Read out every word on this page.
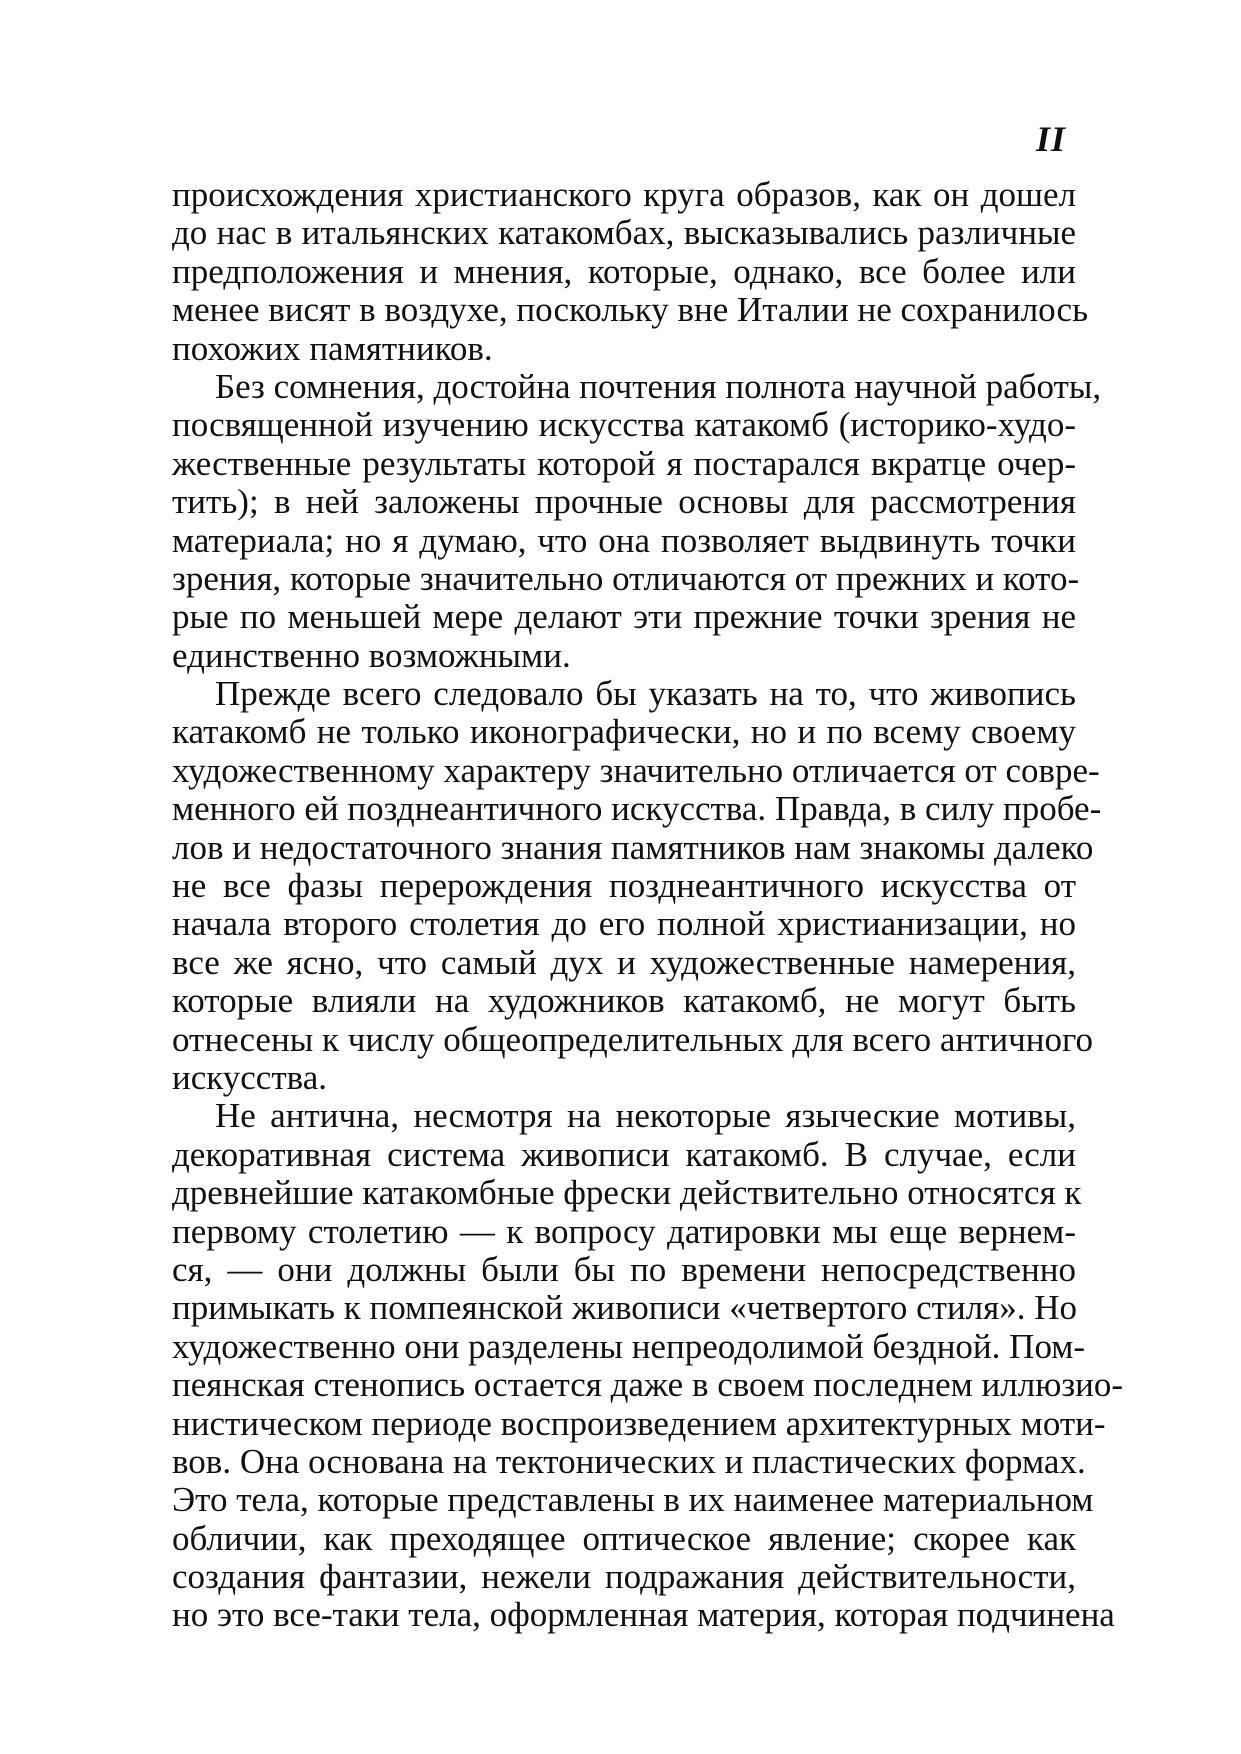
II
происхождения христианского круга образов, как он дошел
до нас в итальянских катакомбах, высказывались различные
предположения и мнения, которые, однако, все более или
менее висят в воздухе, поскольку вне Италии не сохранилось
похожих памятников.
Без сомнения, достойна почтения полнота научной работы,
посвященной изучению искусства катакомб (историко-худо-
жественные результаты которой я постарался вкратце очер-
тить); в ней заложены прочные основы для рассмотрения
материала; но я думаю, что она позволяет выдвинуть точки
зрения, которые значительно отличаются от прежних и кото-
рые по меньшей мере делают эти прежние точки зрения не
единственно возможными.
Прежде всего следовало бы указать на то, что живопись
катакомб не только иконографически, но и по всему своему
художественному характеру значительно отличается от совре-
менного ей позднеантичного искусства. Правда, в силу пробе-
лов и недостаточного знания памятников нам знакомы далеко
не все фазы перерождения позднеантичного искусства от
начала второго столетия до его полной христианизации, но
все же ясно, что самый дух и художественные намерения,
которые влияли на художников катакомб, не могут быть
отнесены к числу общеопределительных для всего античного
искусства.
Не антична, несмотря на некоторые языческие мотивы,
декоративная система живописи катакомб. В случае, если
древнейшие катакомбные фрески действительно относятся к
первому столетию — к вопросу датировки мы еще вернем-
ся, — они должны были бы по времени непосредственно
примыкать к помпеянской живописи «четвертого стиля». Но
художественно они разделены непреодолимой бездной. Пом-
пеянская стенопись остается даже в своем последнем иллюзио-
нистическом периоде воспроизведением архитектурных моти-
вов. Она основана на тектонических и пластических формах.
Это тела, которые представлены в их наименее материальном
обличии, как преходящее оптическое явление; скорее как
создания фантазии, нежели подражания действительности,
но это все-таки тела, оформленная материя, которая подчинена
